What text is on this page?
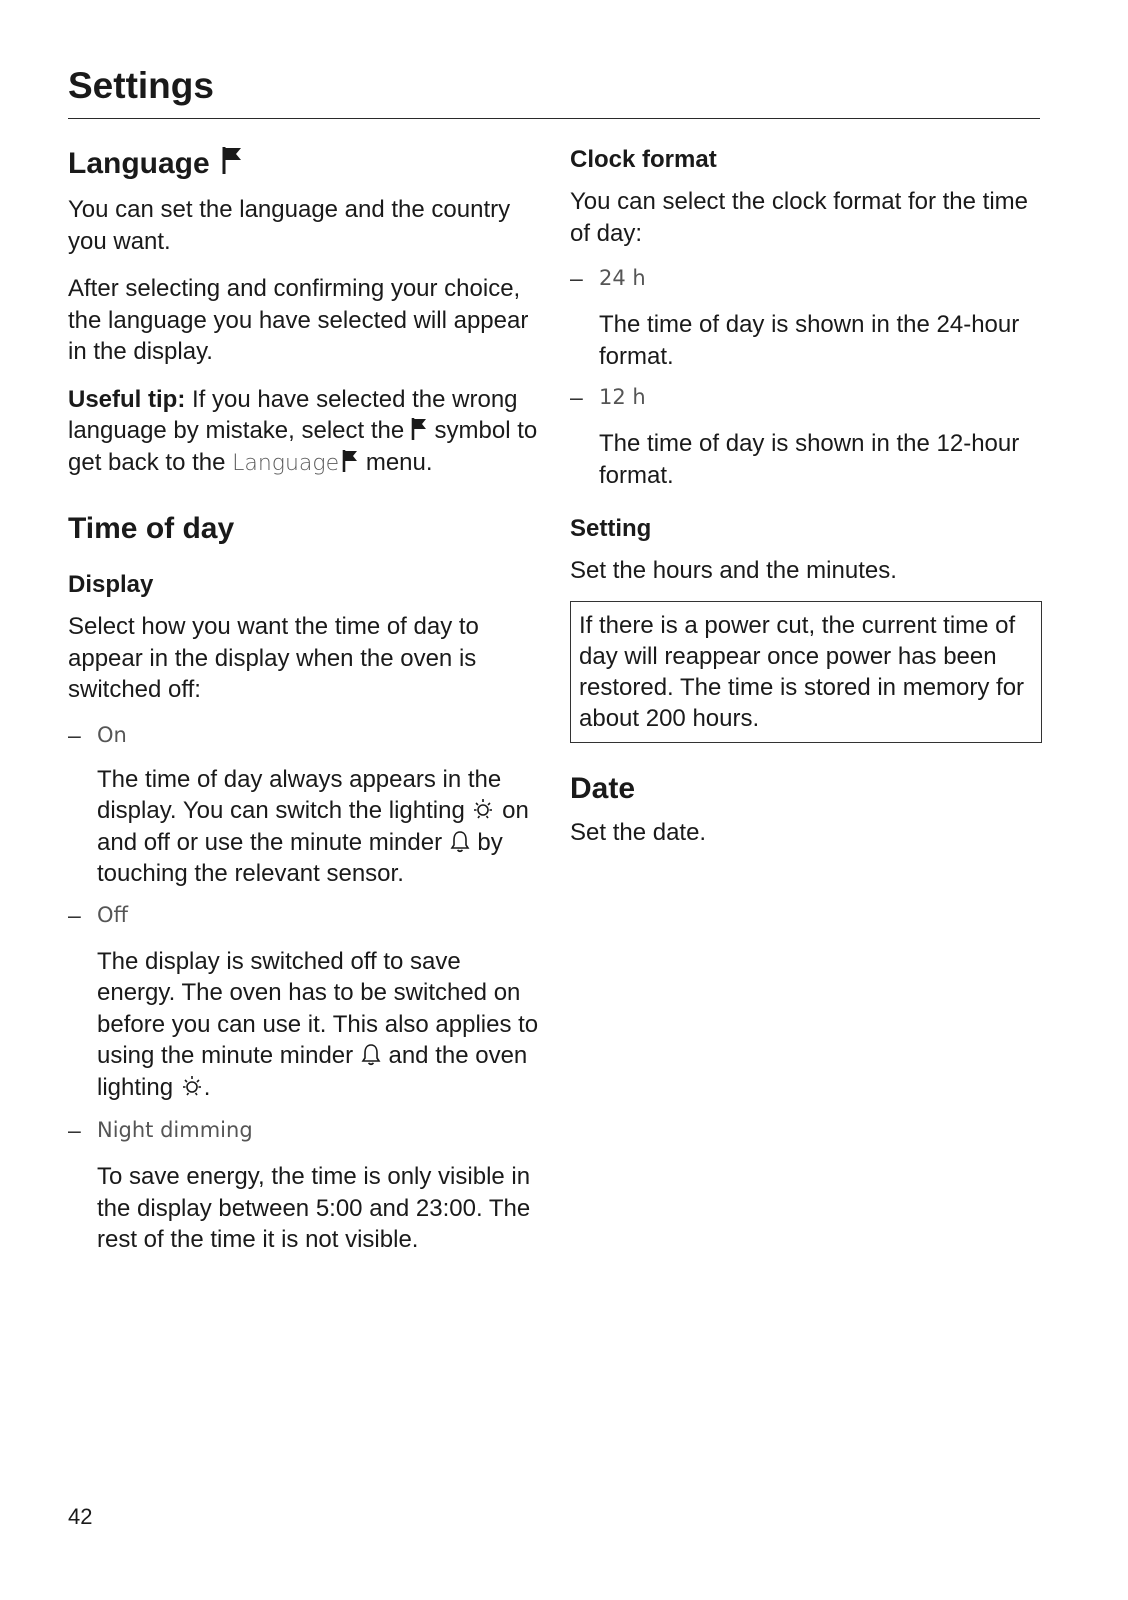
Settings
Language

You can set the language and the country you want.

After selecting and confirming your choice, the language you have selected will appear in the display.

Useful tip: If you have selected the wrong language by mistake, select the  symbol to get back to the Language menu.

Time of day
Display

Select how you want the time of day to appear in the display when the oven is switched off:

– On

The time of day always appears in the display. You can switch the lighting  on and off or use the minute minder  by touching the relevant sensor.

– Off

The display is switched off to save energy. The oven has to be switched on before you can use it. This also applies to using the minute minder  and the oven lighting .

– Night dimming

To save energy, the time is only visible in the display between 5:00 and 23:00. The rest of the time it is not visible.

Clock format

You can select the clock format for the time of day:

– 24 h

The time of day is shown in the 24-hour format.

– 12 h

The time of day is shown in the 12-hour format.

Setting

Set the hours and the minutes.

If there is a power cut, the current time of day will reappear once power has been restored. The time is stored in memory for about 200 hours.
Date

Set the date.

42
